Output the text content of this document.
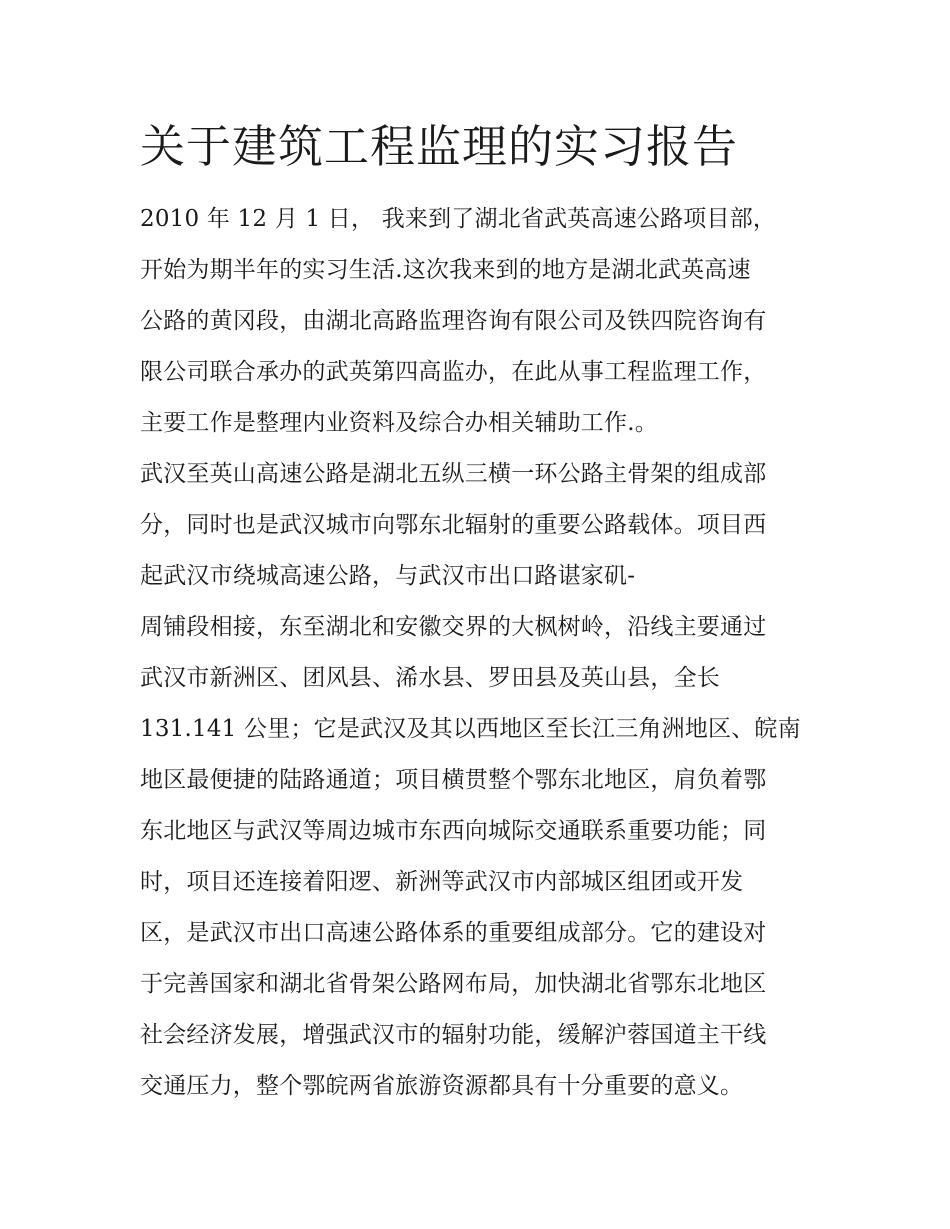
关于建筑工程监理的实习报告
2010 年 12 月 1 日， 我来到了湖北省武英高速公路项目部，
开始为期半年的实习生活.这次我来到的地方是湖北武英高速
公路的黄冈段，由湖北高路监理咨询有限公司及铁四院咨询有
限公司联合承办的武英第四高监办，在此从事工程监理工作，
主要工作是整理内业资料及综合办相关辅助工作.。
武汉至英山高速公路是湖北五纵三横一环公路主骨架的组成部
分，同时也是武汉城市向鄂东北辐射的重要公路载体。项目西
起武汉市绕城高速公路，与武汉市出口路谌家矶-
周铺段相接，东至湖北和安徽交界的大枫树岭，沿线主要通过
武汉市新洲区、团风县、浠水县、罗田县及英山县，全长
131.141 公里；它是武汉及其以西地区至长江三角洲地区、皖南
地区最便捷的陆路通道；项目横贯整个鄂东北地区，肩负着鄂
东北地区与武汉等周边城市东西向城际交通联系重要功能；同
时，项目还连接着阳逻、新洲等武汉市内部城区组团或开发
区，是武汉市出口高速公路体系的重要组成部分。它的建设对
于完善国家和湖北省骨架公路网布局，加快湖北省鄂东北地区
社会经济发展，增强武汉市的辐射功能，缓解沪蓉国道主干线
交通压力，整个鄂皖两省旅游资源都具有十分重要的意义。
